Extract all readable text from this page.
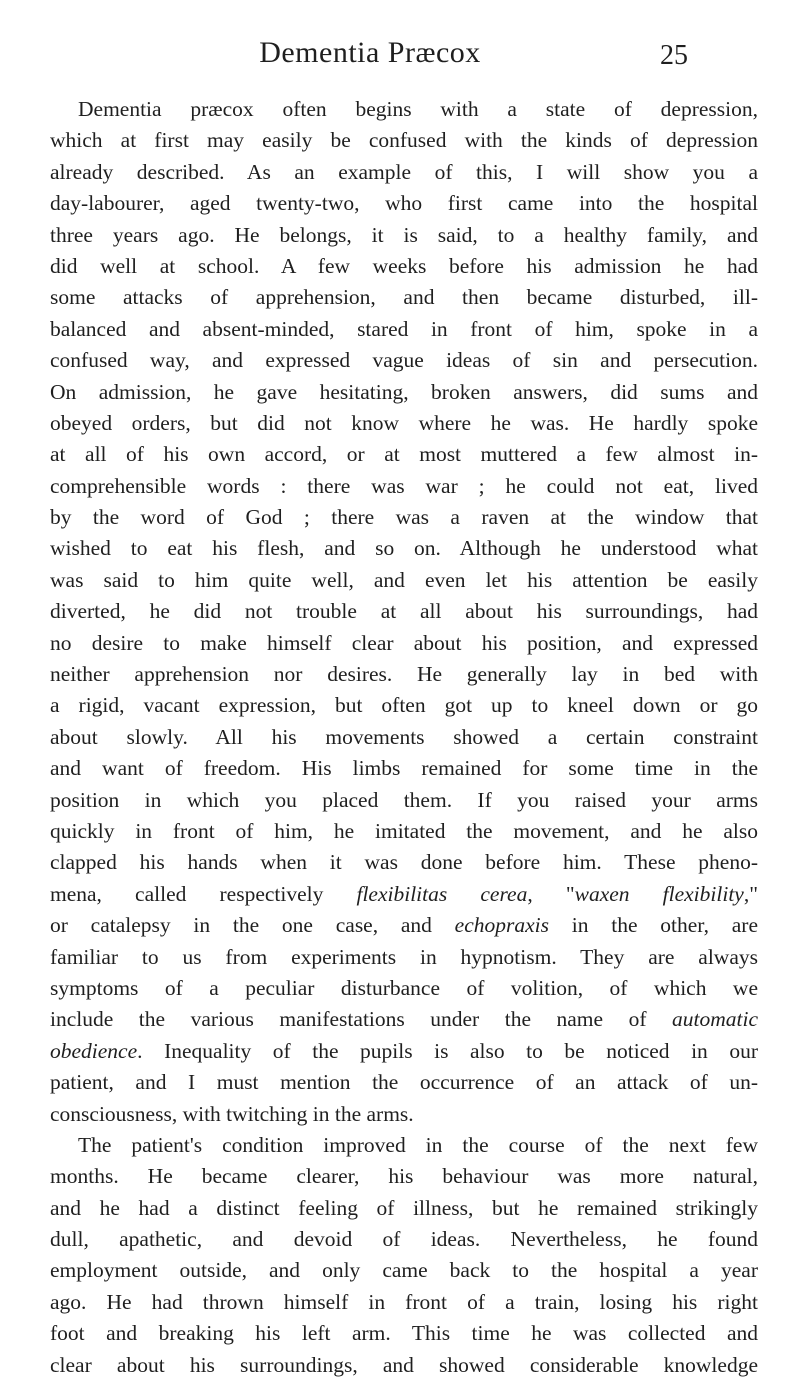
Dementia Præcox	25
Dementia præcox often begins with a state of depression,
which at first may easily be confused with the kinds of depression
already described. As an example of this, I will show you a
day-labourer, aged twenty-two, who first came into the hospital
three years ago. He belongs, it is said, to a healthy family, and
did well at school. A few weeks before his admission he had
some attacks of apprehension, and then became disturbed, ill-
balanced and absent-minded, stared in front of him, spoke in a
confused way, and expressed vague ideas of sin and persecution.
On admission, he gave hesitating, broken answers, did sums and
obeyed orders, but did not know where he was. He hardly spoke
at all of his own accord, or at most muttered a few almost in-
comprehensible words : there was war ; he could not eat, lived
by the word of God ; there was a raven at the window that
wished to eat his flesh, and so on. Although he understood what
was said to him quite well, and even let his attention be easily
diverted, he did not trouble at all about his surroundings, had
no desire to make himself clear about his position, and expressed
neither apprehension nor desires. He generally lay in bed with
a rigid, vacant expression, but often got up to kneel down or go
about slowly. All his movements showed a certain constraint
and want of freedom. His limbs remained for some time in the
position in which you placed them. If you raised your arms
quickly in front of him, he imitated the movement, and he also
clapped his hands when it was done before him. These pheno-
mena, called respectively flexibilitas cerea, "waxen flexibility,"
or catalepsy in the one case, and echopraxis in the other, are
familiar to us from experiments in hypnotism. They are always
symptoms of a peculiar disturbance of volition, of which we
include the various manifestations under the name of automatic
obedience. Inequality of the pupils is also to be noticed in our
patient, and I must mention the occurrence of an attack of un-
consciousness, with twitching in the arms.
The patient's condition improved in the course of the next few
months. He became clearer, his behaviour was more natural,
and he had a distinct feeling of illness, but he remained strikingly
dull, apathetic, and devoid of ideas. Nevertheless, he found
employment outside, and only came back to the hospital a year
ago. He had thrown himself in front of a train, losing his right
foot and breaking his left arm. This time he was collected and
clear about his surroundings, and showed considerable knowledge
